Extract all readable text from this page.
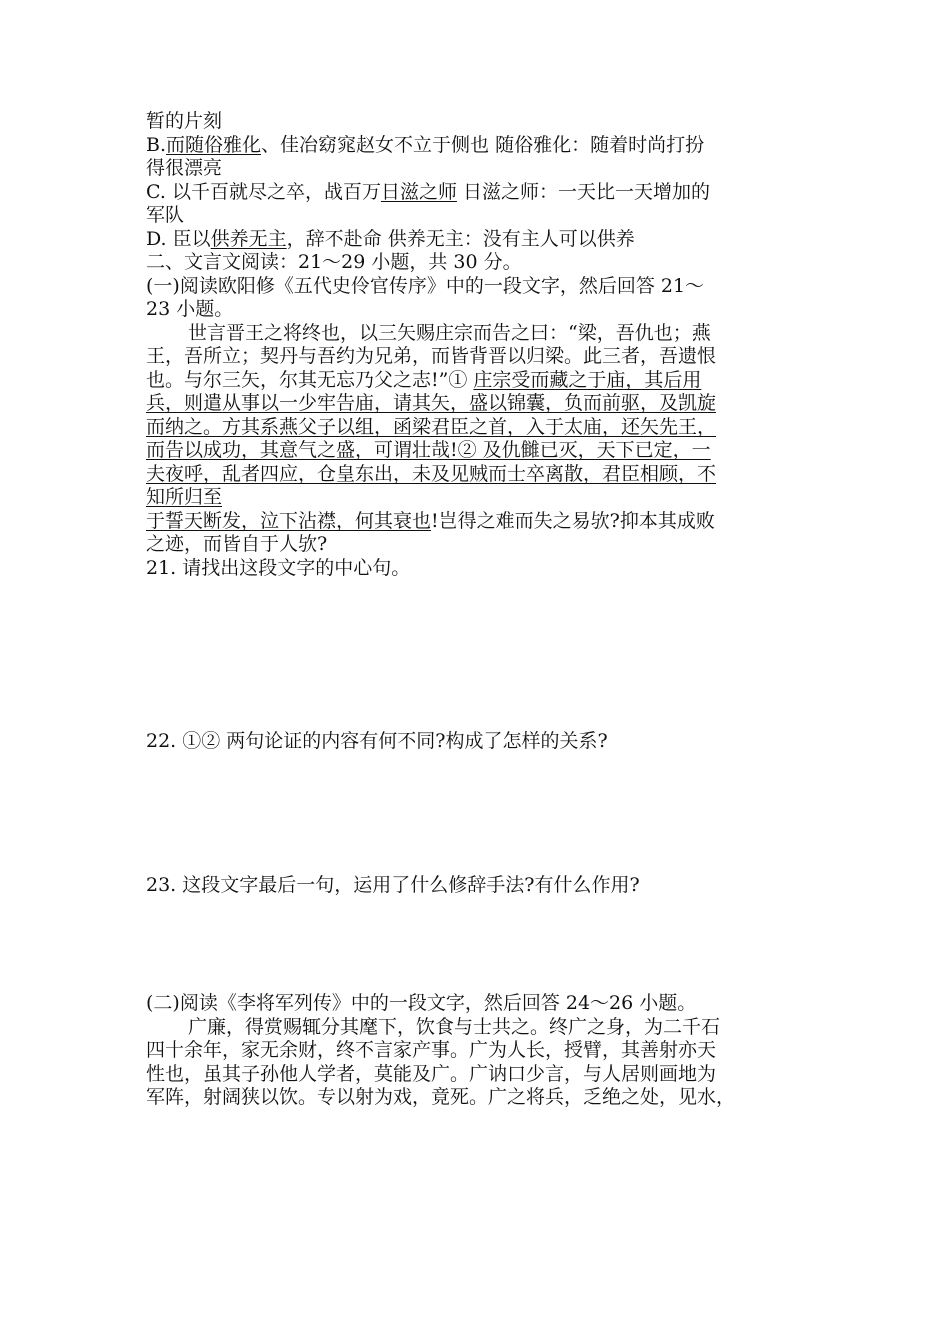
暂的片刻
B.而随俗雅化、佳冶窈窕赵女不立于侧也 随俗雅化：随着时尚打扮
得很漂亮
C. 以千百就尽之卒，战百万日滋之师 日滋之师：一天比一天增加的
军队
D. 臣以供养无主，辞不赴命 供养无主：没有主人可以供养
二、文言文阅读：21～29 小题，共 30 分。
(一)阅读欧阳修《五代史伶官传序》中的一段文字，然后回答 21～
23 小题。
世言晋王之将终也，以三矢赐庄宗而告之曰：“梁，吾仇也；燕
王，吾所立；契丹与吾约为兄弟，而皆背晋以归梁。此三者，吾遗恨
也。与尔三矢，尔其无忘乃父之志!”① 庄宗受而藏之于庙，其后用
兵，则遣从事以一少牢告庙，请其矢，盛以锦囊，负而前驱，及凯旋
而纳之。方其系燕父子以组，函梁君臣之首，入于太庙，还矢先王，
而告以成功，其意气之盛，可谓壮哉!② 及仇雠已灭，天下已定，一
夫夜呼，乱者四应，仓皇东出，未及见贼而士卒离散，君臣相顾，不
知所归至
于誓天断发，泣下沾襟，何其衰也!岂得之难而失之易欤?抑本其成败
之迹，而皆自于人欤?
21. 请找出这段文字的中心句。
22. ①② 两句论证的内容有何不同?构成了怎样的关系?
23. 这段文字最后一句，运用了什么修辞手法?有什么作用?
(二)阅读《李将军列传》中的一段文字，然后回答 24～26 小题。
广廉，得赏赐辄分其麾下，饮食与士共之。终广之身，为二千石
四十余年，家无余财，终不言家产事。广为人长，授臂，其善射亦天
性也，虽其子孙他人学者，莫能及广。广讷口少言，与人居则画地为
军阵，射阔狭以饮。专以射为戏，竟死。广之将兵，乏绝之处，见水，
